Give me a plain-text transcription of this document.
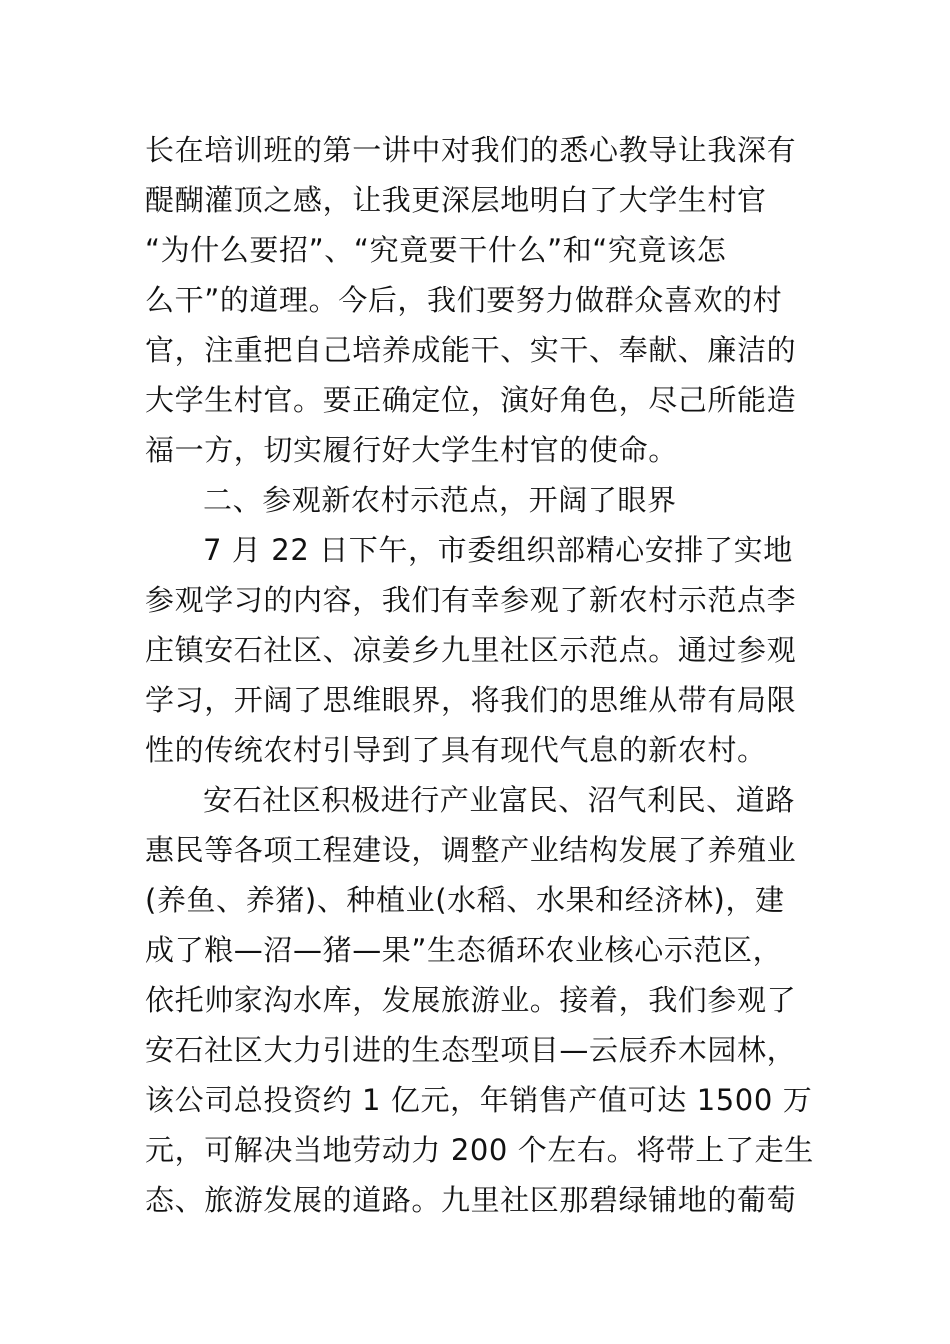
长在培训班的第一讲中对我们的悉心教导让我深有
醍醐灌顶之感，让我更深层地明白了大学生村官
“为什么要招”、“究竟要干什么”和“究竟该怎
么干”的道理。今后，我们要努力做群众喜欢的村
官，注重把自己培养成能干、实干、奉献、廉洁的
大学生村官。要正确定位，演好角色，尽己所能造
福一方，切实履行好大学生村官的使命。
二、参观新农村示范点，开阔了眼界
7 月 22 日下午，市委组织部精心安排了实地
参观学习的内容，我们有幸参观了新农村示范点李
庄镇安石社区、凉姜乡九里社区示范点。通过参观
学习，开阔了思维眼界，将我们的思维从带有局限
性的传统农村引导到了具有现代气息的新农村。
安石社区积极进行产业富民、沼气利民、道路
惠民等各项工程建设，调整产业结构发展了养殖业
(养鱼、养猪)、种植业(水稻、水果和经济林)，建
成了粮—沼—猪—果”生态循环农业核心示范区，
依托帅家沟水库，发展旅游业。接着，我们参观了
安石社区大力引进的生态型项目—云辰乔木园林，
该公司总投资约 1 亿元，年销售产值可达 1500 万
元，可解决当地劳动力 200 个左右。将带上了走生
态、旅游发展的道路。九里社区那碧绿铺地的葡萄
